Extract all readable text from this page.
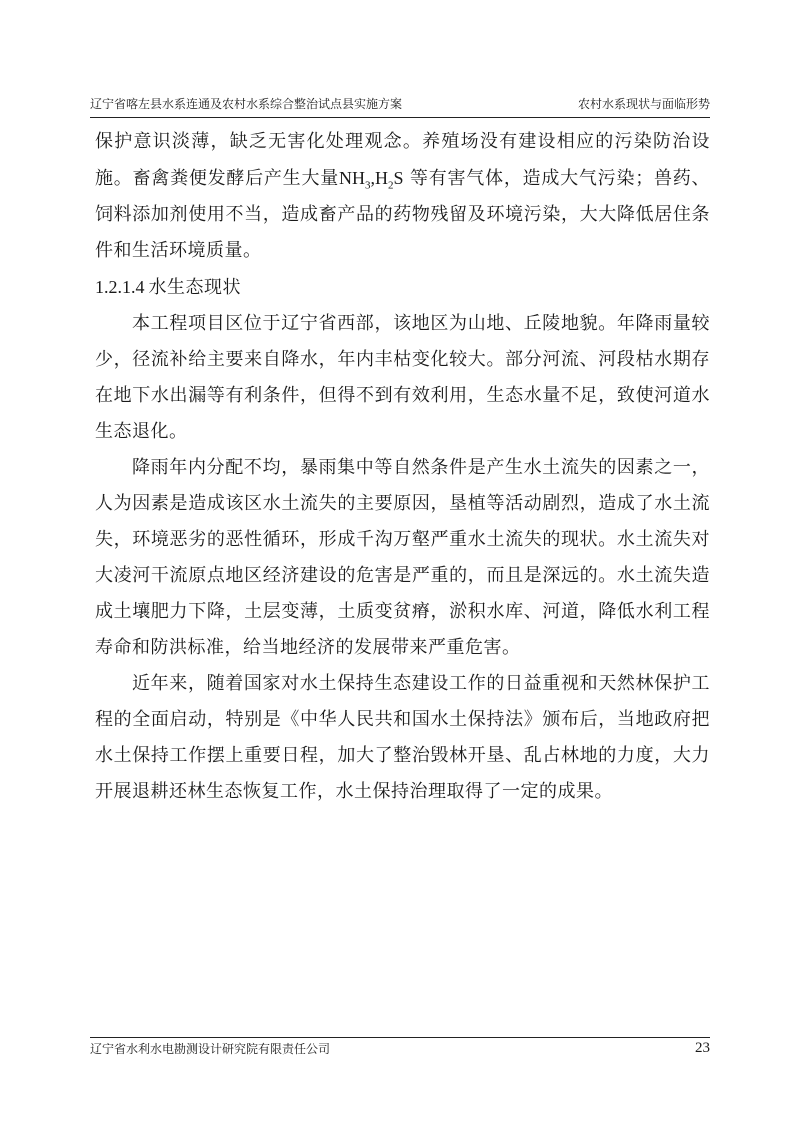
辽宁省喀左县水系连通及农村水系综合整治试点县实施方案	农村水系现状与面临形势

保护意识淡薄，缺乏无害化处理观念。养殖场没有建设相应的污染防治设施。畜禽粪便发酵后产生大量$NH_3,H_2S$ 等有害气体，造成大气污染；兽药、饲料添加剂使用不当，造成畜产品的药物残留及环境污染，大大降低居住条件和生活环境质量。

1.2.1.4 水生态现状

本工程项目区位于辽宁省西部，该地区为山地、丘陵地貌。年降雨量较少，径流补给主要来自降水，年内丰枯变化较大。部分河流、河段枯水期存在地下水出漏等有利条件，但得不到有效利用，生态水量不足，致使河道水生态退化。

降雨年内分配不均，暴雨集中等自然条件是产生水土流失的因素之一，人为因素是造成该区水土流失的主要原因，垦植等活动剧烈，造成了水土流失，环境恶劣的恶性循环，形成千沟万壑严重水土流失的现状。水土流失对大凌河干流原点地区经济建设的危害是严重的，而且是深远的。水土流失造成土壤肥力下降，土层变薄，土质变贫瘠，淤积水库、河道，降低水利工程寿命和防洪标准，给当地经济的发展带来严重危害。

近年来，随着国家对水土保持生态建设工作的日益重视和天然林保护工程的全面启动，特别是《中华人民共和国水土保持法》颁布后，当地政府把水土保持工作摆上重要日程，加大了整治毁林开垦、乱占林地的力度，大力开展退耕还林生态恢复工作，水土保持治理取得了一定的成果。

辽宁省水利水电勘测设计研究院有限责任公司	23
